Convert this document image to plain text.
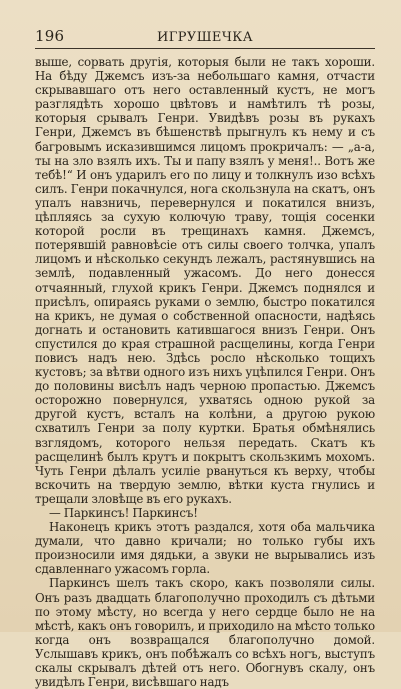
196	ИГРУШЕЧКА

выше, сорвать другія, которыя были не такъ хороши. На бѣду Джемсъ изъ-за небольшаго камня, отчасти скрывавшаго отъ него оставленный кустъ, не могъ разглядѣть хорошо цвѣтовъ и намѣтилъ тѣ розы, которыя срывалъ Генри. Увидѣвъ розы въ рукахъ Генри, Джемсъ въ бѣшенствѣ прыгнулъ къ нему и съ багровымъ исказившимся лицомъ прокричалъ: — „а-а, ты на зло взялъ ихъ. Ты и папу взялъ у меня!.. Вотъ же тебѣ!“ И онъ ударилъ его по лицу и толкнулъ изо всѣхъ силъ. Генри покачнулся, нога скользнула на скатъ, онъ упалъ навзничь, перевернулся и покатился внизъ, цѣпляясь за сухую колючую траву, тощія сосенки которой росли въ трещинахъ камня. Джемсъ, потерявшій равновѣсіе отъ силы своего толчка, упалъ лицомъ и нѣсколько секундъ лежалъ, растянувшись на землѣ, подавленный ужасомъ. До него донесся отчаянный, глухой крикъ Генри. Джемсъ поднялся и присѣлъ, опираясь руками о землю, быстро покатился на крикъ, не думая о собственной опасности, надѣясь догнать и остановить катившагося внизъ Генри. Онъ спустился до края страшной расщелины, когда Генри повисъ надъ нею. Здѣсь росло нѣсколько тощихъ кустовъ; за вѣтви одного изъ нихъ уцѣпился Генри. Онъ до половины висѣлъ надъ черною пропастью. Джемсъ осторожно повернулся, ухватясь одною рукой за другой кустъ, всталъ на колѣни, а другою рукою схватилъ Генри за полу куртки. Братья обмѣнялись взглядомъ, которого нельзя передать. Скатъ къ расщелинѣ былъ крутъ и покрытъ скользкимъ мохомъ. Чуть Генри дѣлалъ усиліе рвануться къ верху, чтобы вскочить на твердую землю, вѣтки куста гнулись и трещали зловѣще въ его рукахъ.

— Паркинсъ! Паркинсъ!

Наконецъ крикъ этотъ раздался, хотя оба мальчика думали, что давно кричали; но только губы ихъ произносили имя дядьки, а звуки не вырывались изъ сдавленнаго ужасомъ горла.

Паркинсъ шелъ такъ скоро, какъ позволяли силы. Онъ разъ двадцать благополучно проходилъ съ дѣтьми по этому мѣсту, но всегда у него сердце было не на мѣстѣ, какъ онъ говорилъ, и приходило на мѣсто только когда онъ возвращался благополучно домой. Услышавъ крикъ, онъ побѣжалъ со всѣхъ ногъ, выступъ скалы скрывалъ дѣтей отъ него. Обогнувъ скалу, онъ увидѣлъ Генри, висѣвшаго надъ
